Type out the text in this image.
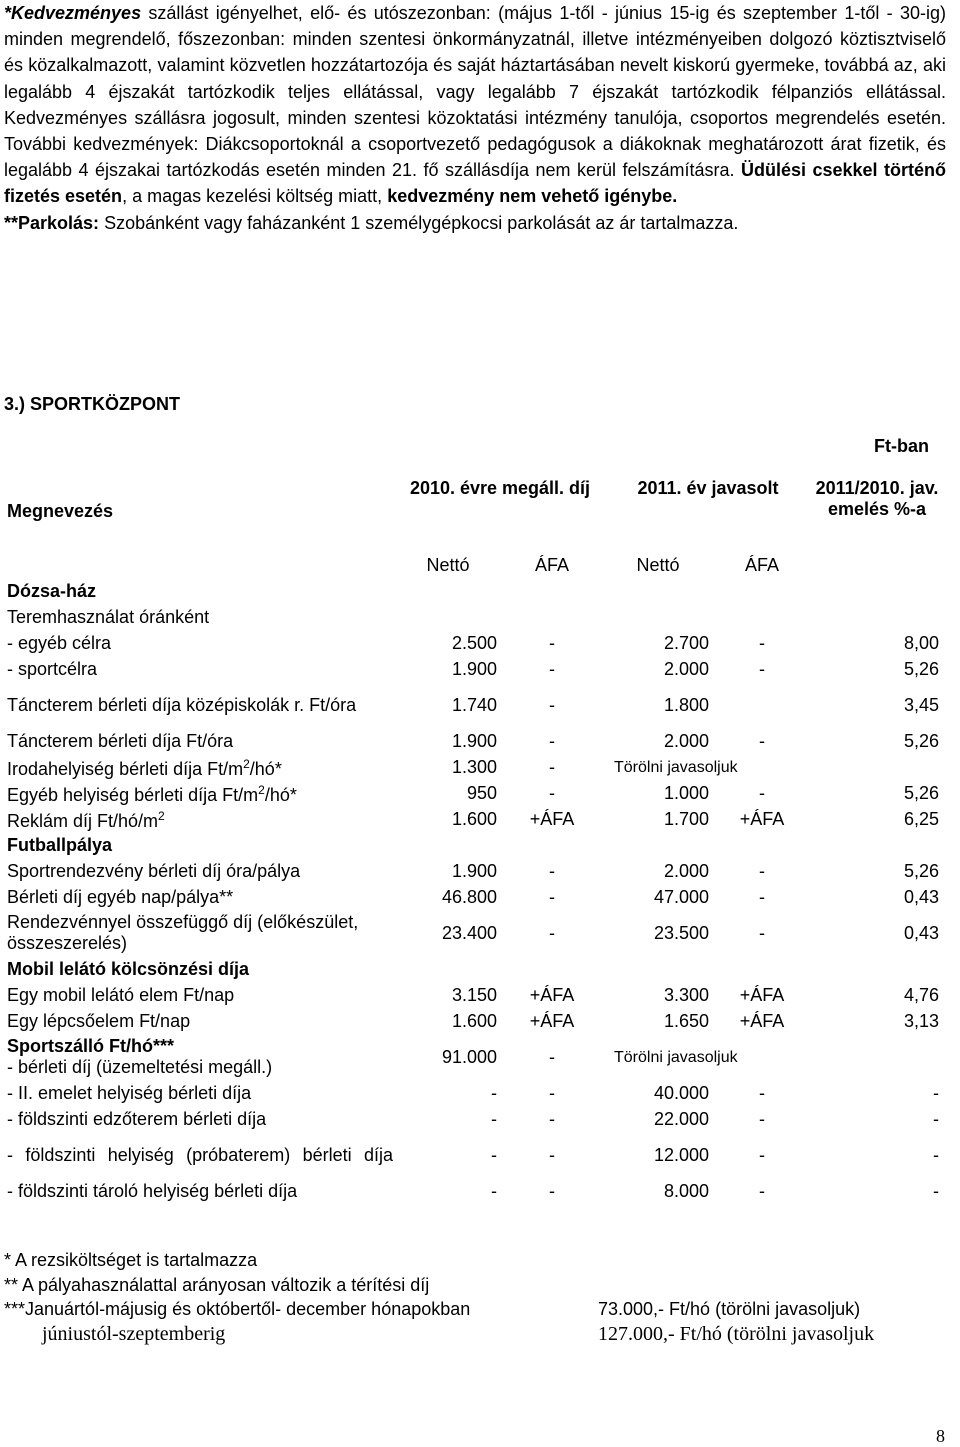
*Kedvezményes szállást igényelhet, elő- és utószezonban: (május 1-től - június 15-ig és szeptember 1-től - 30-ig) minden megrendelő, főszezonban: minden szentesi önkormányzatnál, illetve intézményeiben dolgozó köztisztviselő és közalkalmazott, valamint közvetlen hozzátartozója és saját háztartásában nevelt kiskorú gyermeke, továbbá az, aki legalább 4 éjszakát tartózkodik teljes ellátással, vagy legalább 7 éjszakát tartózkodik félpanziós ellátással. Kedvezményes szállásra jogosult, minden szentesi közoktatási intézmény tanulója, csoportos megrendelés esetén. További kedvezmények: Diákcsoportoknál a csoportvezető pedagógusok a diákoknak meghatározott árat fizetik, és legalább 4 éjszakai tartózkodás esetén minden 21. fő szállásdíja nem kerül felszámításra. Üdülési csekkel történő fizetés esetén, a magas kezelési költség miatt, kedvezmény nem vehető igénybe.
**Parkolás: Szobánként vagy faházanként 1 személygépkocsi parkolását az ár tartalmazza.
3.) SPORTKÖZPONT
Ft-ban
Megnevezés	2010. évre megáll. díj		2011. év javasolt		2011/2010. jav. emelés %-a
	Nettó	ÁFA	Nettó	ÁFA	
Dózsa-ház					
Teremhasználat óránként					
- egyéb célra	2.500	-	2.700	-	8,00
- sportcélra	1.900	-	2.000	-	5,26
Táncterem bérleti díja középiskolák r. Ft/óra	1.740	-	1.800		3,45
Táncterem bérleti díja Ft/óra	1.900	-	2.000	-	5,26
Irodahelyiség bérleti díja $Ft/m^2/hó*$	1.300	-	Törölni javasoljuk		
Egyéb helyiség bérleti díja $Ft/m^2/hó*$	950	-	1.000	-	5,26
Reklám díj $Ft/hó/m^2$	1.600	+ÁFA	1.700	+ÁFA	6,25
Futballpálya					
Sportrendezvény bérleti díj óra/pálya	1.900	-	2.000	-	5,26
Bérleti díj egyéb nap/pálya**	46.800	-	47.000	-	0,43
Rendezvénnyel összefüggő díj (előkészület, összeszerelés)	23.400	-	23.500	-	0,43
Mobil lelátó kölcsönzési díja					
Egy mobil lelátó elem Ft/nap	3.150	+ÁFA	3.300	+ÁFA	4,76
Egy lépcsőelem Ft/nap	1.600	+ÁFA	1.650	+ÁFA	3,13

Sportszálló Ft/hó***
- bérleti díj (üzemeltetési megáll.)	91.000	-	Törölni javasoljuk		
- II. emelet helyiség bérleti díja	-	-	40.000	-	-
- földszinti edzőterem bérleti díja	-	-	22.000	-	-
- földszinti helyiség (próbaterem) bérleti díja	-	-	12.000	-	-
- földszinti tároló helyiség bérleti díja	-	-	8.000	-	-
* A rezsiköltséget is tartalmazza
** A pályahasználattal arányosan változik a térítési díj
***Januártól-májusig és októbertől- december hónapokban	73.000,- Ft/hó (törölni javasoljuk)
júniustól-szeptemberig	127.000,- Ft/hó (törölni javasoljuk
8
